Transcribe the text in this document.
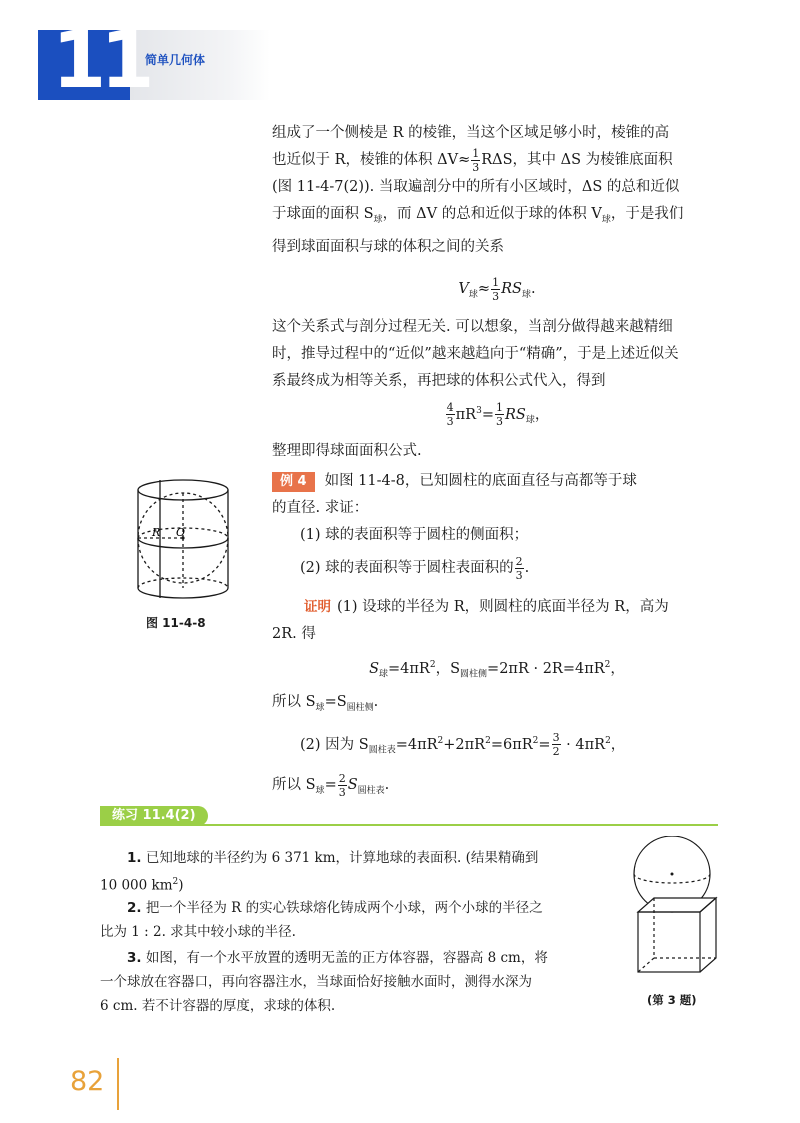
11
简单几何体
组成了一个侧棱是 R 的棱锥，当这个区域足够小时，棱锥的高
也近似于 R，棱锥的体积 $\Delta V\approx \frac{1}{3}$ RΔS，其中 ΔS 为棱锥底面积
(图 11-4-7(2)). 当取遍剖分中的所有小区域时，ΔS 的总和近似
于球面的面积 $S_球$，而 ΔV 的总和近似于球的体积 $V_球$，于是我们
得到球面面积与球的体积之间的关系
$V_球\approx \frac{1}{3} RS_球$.
这个关系式与剖分过程无关. 可以想象，当剖分做得越来越精细
时，推导过程中的“近似”越来越趋向于“精确”，于是上述近似关
系最终成为相等关系，再把球的体积公式代入，得到
$\frac{4}{3} \pi R^3= \frac{1}{3} RS_球$，
整理即得球面面积公式.
例 4 如图 11-4-8，已知圆柱的底面直径与高都等于球
的直径. 求证：
(1) 球的表面积等于圆柱的侧面积；
(2) 球的表面积等于圆柱表面积的 $\frac{2}{3}$ .
证明 (1) 设球的半径为 R，则圆柱的底面半径为 R，高为
2R. 得
$S_球=4\pi R^2$，$S_{圆柱侧}=2\pi R \cdot 2R=4\pi R^2$，
所以 $S_球=S_{圆柱侧}$.
(2) 因为 $S_{圆柱表}=4\pi R^2+2\pi R^2=6\pi R^2= \frac{3}{2} \cdot 4\pi R^2$，
所以 $S_球= \frac{2}{3} S_{圆柱表}$.
R O
图 11-4-8
练习 11.4(2)
1. 已知地球的半径约为 6 371 km，计算地球的表面积. (结果精确到
10 000 $km^2$)
2. 把一个半径为 R 的实心铁球熔化铸成两个小球，两个小球的半径之
比为 1 : 2. 求其中较小球的半径.
3. 如图，有一个水平放置的透明无盖的正方体容器，容器高 8 cm，将
一个球放在容器口，再向容器注水，当球面恰好接触水面时，测得水深为
6 cm. 若不计容器的厚度，求球的体积.	(第 3 题)
82
